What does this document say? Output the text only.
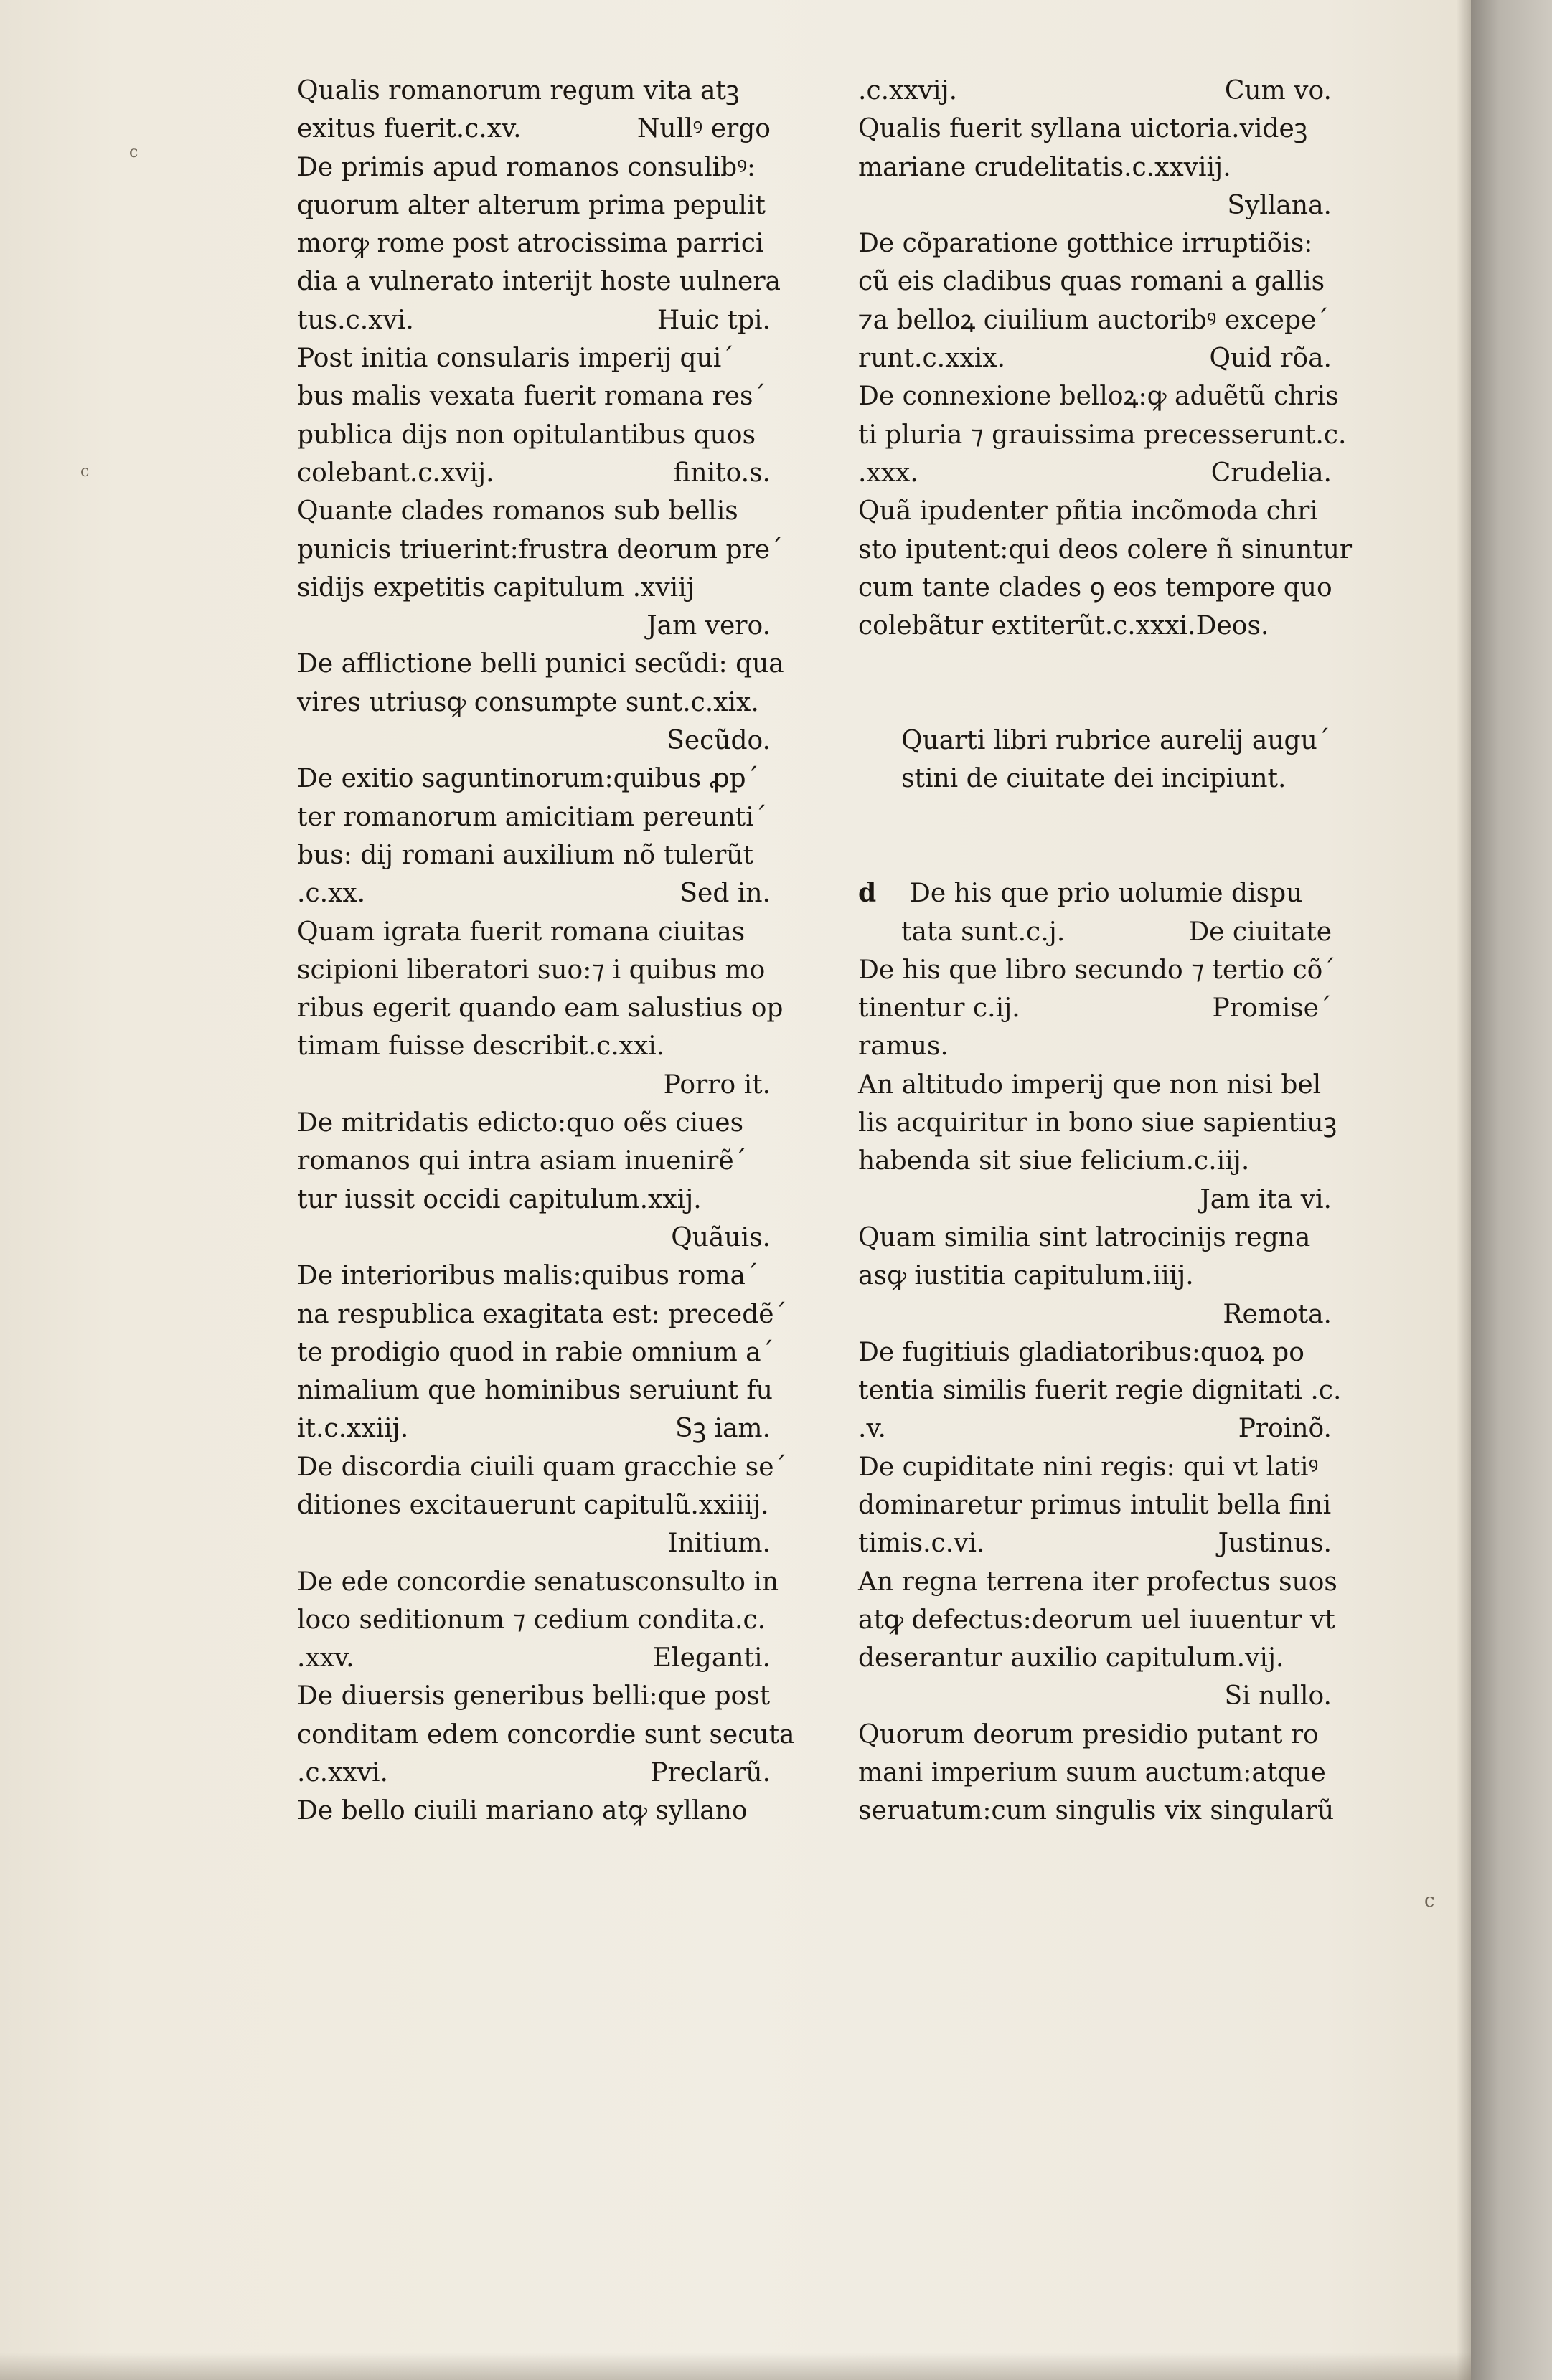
Qualis romanorum regum vita atꝫ
exitus fuerit.c.xv.	Nullꝰ ergo
De primis apud romanos consulibꝰ:
quorum alter alterum prima pepulit
morꝙ rome post atrocissima parrici
dia a vulnerato interijt hoste uulnera
tus.c.xvi.	Huic tpi.
Post initia consularis imperij qui´
bus malis vexata fuerit romana res´
publica dijs non opitulantibus quos
colebant.c.xvij.	finito.s.
Quante clades romanos sub bellis
punicis triuerint:frustra deorum pre´
sidijs expetitis capitulum .xviij
Jam vero.
De afflictione belli punici secũdi: qua
vires utriusꝙ consumpte sunt.c.xix.
Secũdo.
De exitio saguntinorum:quibus ꝓp´
ter romanorum amicitiam pereunti´
bus: dij romani auxilium nõ tulerũt
.c.xx.	Sed in.
Quam igrata fuerit romana ciuitas
scipioni liberatori suo:⁊ i quibus mo
ribus egerit quando eam salustius op
timam fuisse describit.c.xxi.
Porro it.
De mitridatis edicto:quo oẽs ciues
romanos qui intra asiam inuenirẽ´
tur iussit occidi capitulum.xxij.
Quãuis.
De interioribus malis:quibus roma´
na respublica exagitata est: precedẽ´
te prodigio quod in rabie omnium a´
nimalium que hominibus seruiunt fu
it.c.xxiij.	Sꝫ iam.
De discordia ciuili quam gracchie se´
ditiones excitauerunt capitulũ.xxiiij.
Initium.
De ede concordie senatusconsulto in
loco seditionum ⁊ cedium condita.c.
.xxv.	Eleganti.
De diuersis generibus belli:que post
conditam edem concordie sunt secuta
.c.xxvi.	Preclarũ.
De bello ciuili mariano atꝙ syllano
.c.xxvij.	Cum vo.
Qualis fuerit syllana uictoria.videꝫ
mariane crudelitatis.c.xxviij.
Syllana.
De cõparatione gotthice irruptiõis:
cũ eis cladibus quas romani a gallis
⁊a belloꝝ ciuilium auctoribꝰ excepe´
runt.c.xxix.	Quid rõa.
De connexione belloꝝ:ꝙ aduẽtũ chris
ti pluria ⁊ grauissima precesserunt.c.
.xxx.	Crudelia.
Quã ipudenter pñtia incõmoda chri
sto iputent:qui deos colere ñ sinuntur
cum tante clades ꝯ eos tempore quo
colebãtur extiterũt.c.xxxi.Deos.
Quarti libri rubrice aurelij augu´
stini de ciuitate dei incipiunt.
d	De his que prio uolumie dispu
tata sunt.c.j.	De ciuitate
De his que libro secundo ⁊ tertio cõ´
tinentur c.ij.	Promise´
ramus.
An altitudo imperij que non nisi bel
lis acquiritur in bono siue sapientiuꝫ
habenda sit siue felicium.c.iij.
Jam ita vi.
Quam similia sint latrocinijs regna
asꝙ iustitia capitulum.iiij.
Remota.
De fugitiuis gladiatoribus:quoꝝ po
tentia similis fuerit regie dignitati .c.
.v.	Proinõ.
De cupiditate nini regis: qui vt latiꝰ
dominaretur primus intulit bella fini
timis.c.vi.	Justinus.
An regna terrena iter profectus suos
atꝙ defectus:deorum uel iuuentur vt
deserantur auxilio capitulum.vij.
Si nullo.
Quorum deorum presidio putant ro
mani imperium suum auctum:atque
seruatum:cum singulis vix singularũ
c
c
c
